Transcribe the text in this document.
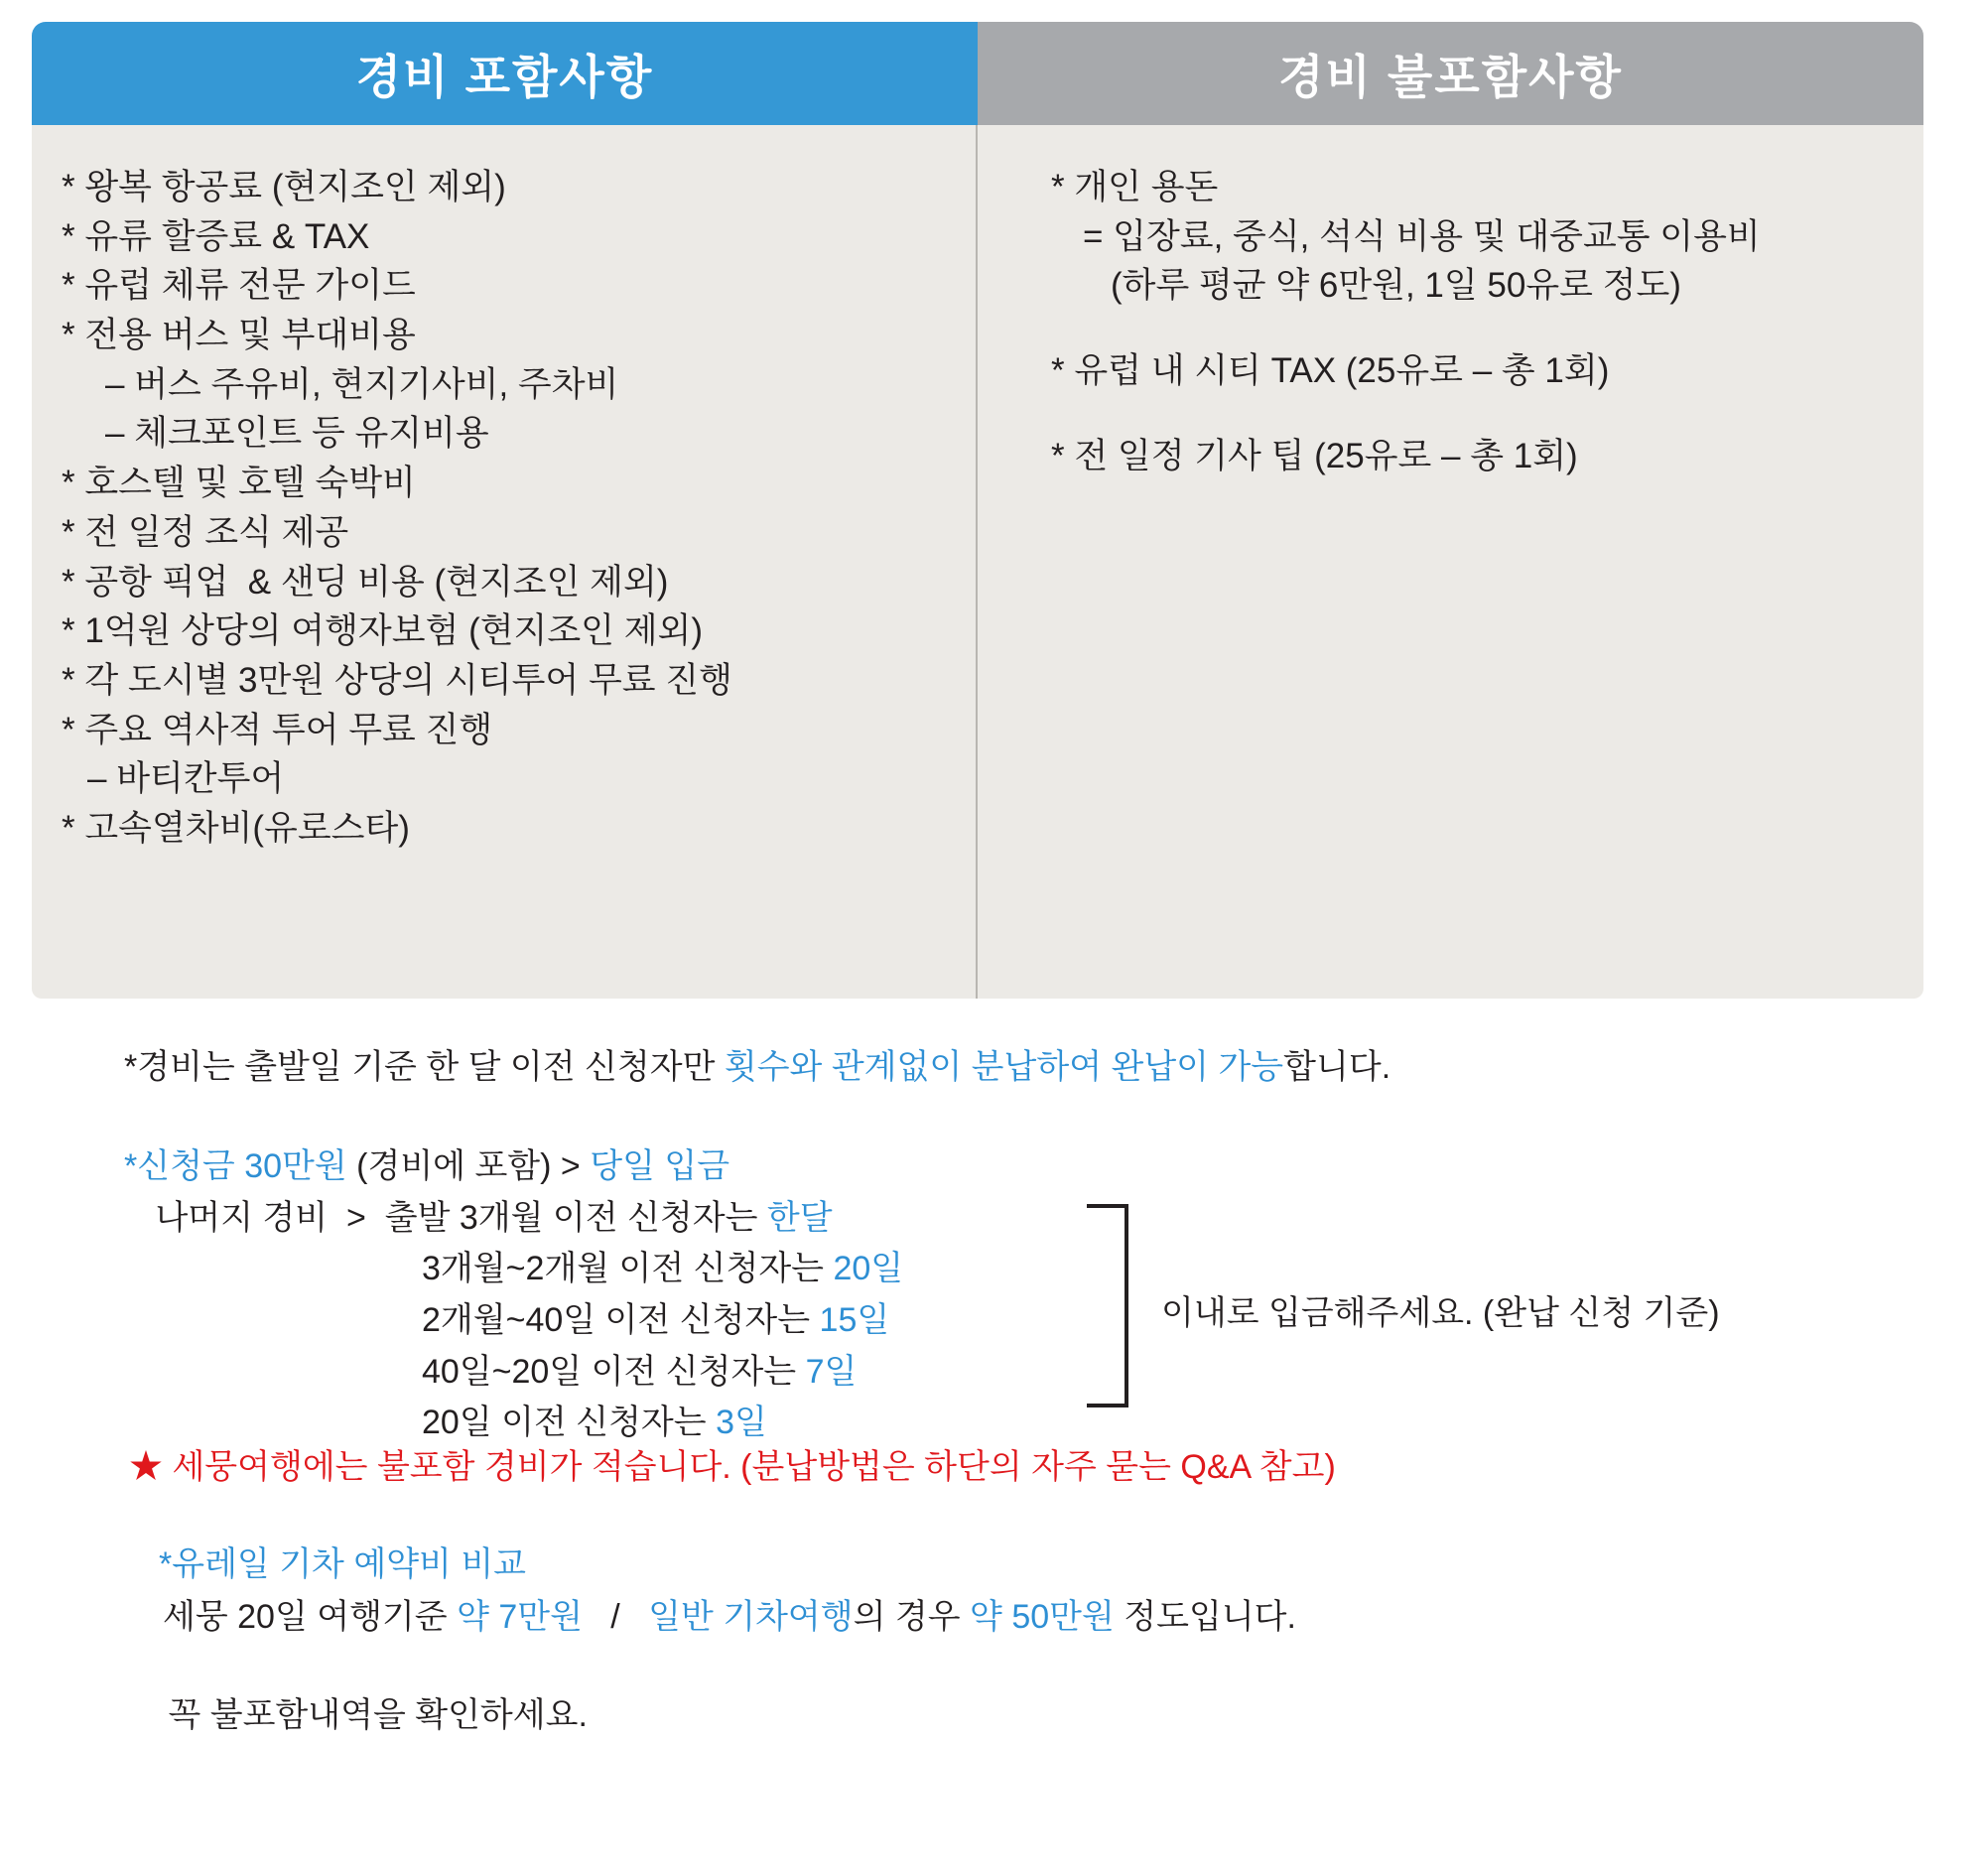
경비 포함사항	경비 불포함사항
* 왕복 항공료 (현지조인 제외)
* 유류 할증료 & TAX
* 유럽 체류 전문 가이드
* 전용 버스 및 부대비용
– 버스 주유비, 현지기사비, 주차비
– 체크포인트 등 유지비용
* 호스텔 및 호텔 숙박비
* 전 일정 조식 제공
* 공항 픽업  & 샌딩 비용 (현지조인 제외)
* 1억원 상당의 여행자보험 (현지조인 제외)
* 각 도시별 3만원 상당의 시티투어 무료 진행
* 주요 역사적 투어 무료 진행
– 바티칸투어
* 고속열차비(유로스타)
* 개인 용돈
= 입장료, 중식, 석식 비용 및 대중교통 이용비
(하루 평균 약 6만원, 1일 50유로 정도)
* 유럽 내 시티 TAX (25유로 – 총 1회)
* 전 일정 기사 팁 (25유로 – 총 1회)
*경비는 출발일 기준 한 달 이전 신청자만 횟수와 관계없이 분납하여 완납이 가능합니다.
*신청금 30만원 (경비에 포함) > 당일 입금
나머지 경비  >  출발 3개월 이전 신청자는 한달
3개월~2개월 이전 신청자는 20일
2개월~40일 이전 신청자는 15일
40일~20일 이전 신청자는 7일
20일 이전 신청자는 3일
이내로 입금해주세요. (완납 신청 기준)
★ 세뭉여행에는 불포함 경비가 적습니다. (분납방법은 하단의 자주 묻는 Q&A 참고)
*유레일 기차 예약비 비교
세뭉 20일 여행기준 약 7만원   /   일반 기차여행의 경우 약 50만원 정도입니다.
꼭 불포함내역을 확인하세요.
